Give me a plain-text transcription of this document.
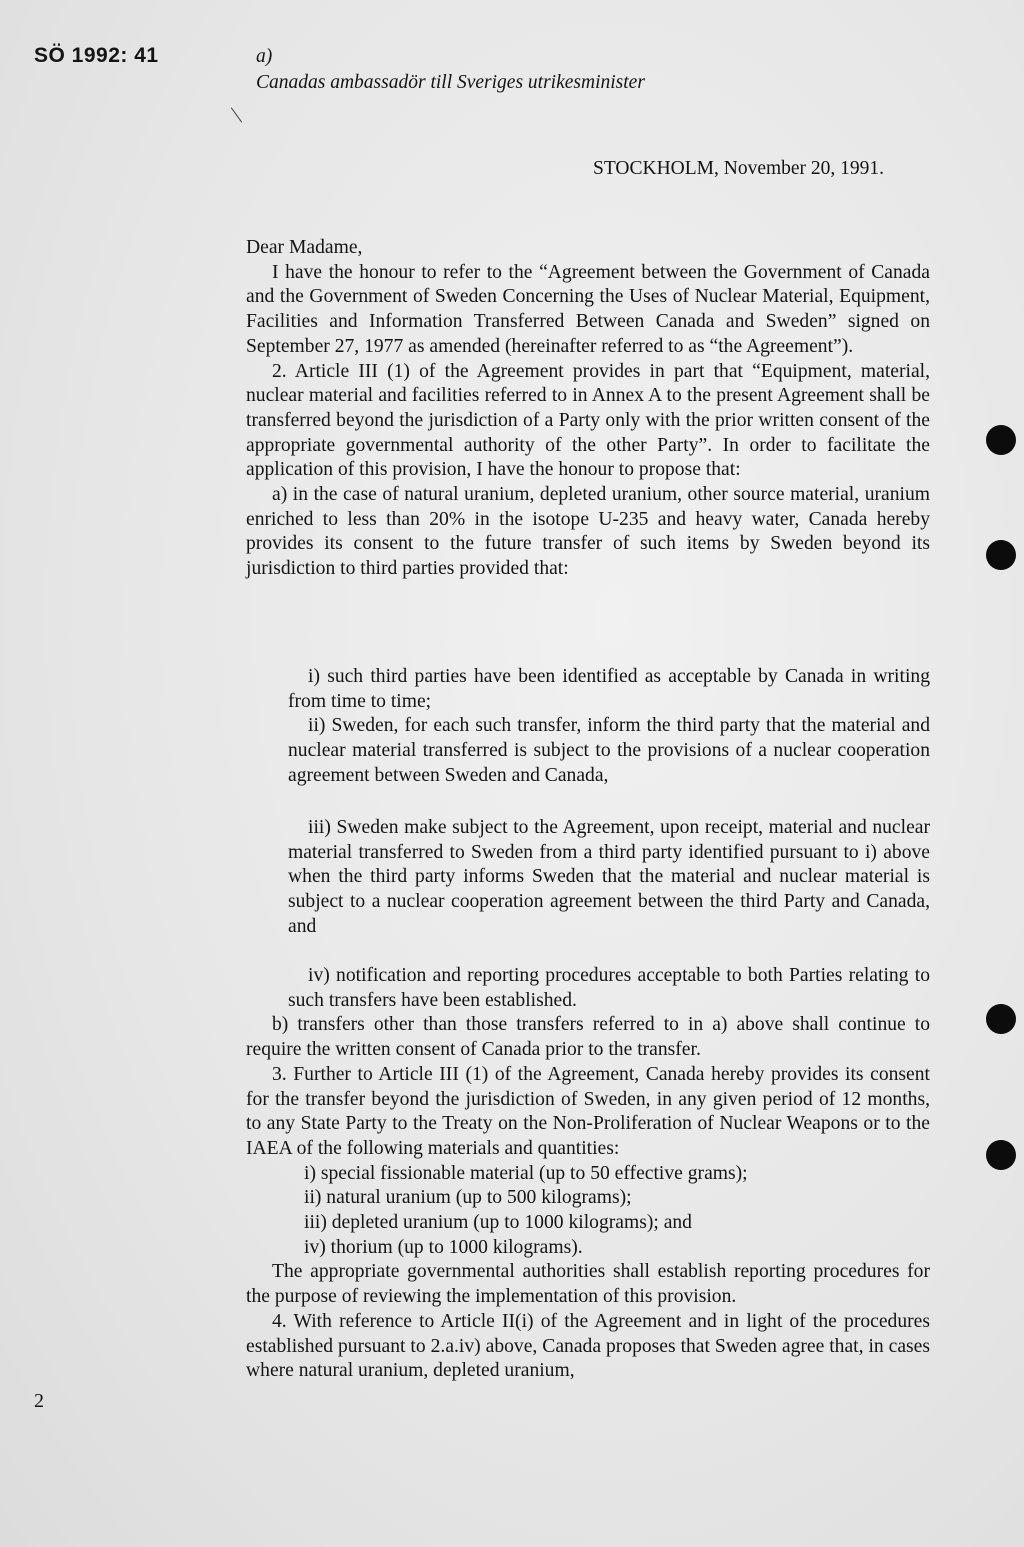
SÖ 1992: 41	a)
Canadas ambassadör till Sveriges utrikesminister
STOCKHOLM, November 20, 1991.

Dear Madame,

I have the honour to refer to the “Agreement between the Government of Canada and the Government of Sweden Concerning the Uses of Nuclear Material, Equipment, Facilities and Information Transferred Between Canada and Sweden” signed on September 27, 1977 as amended (hereinafter referred to as “the Agreement”).

2. Article III (1) of the Agreement provides in part that “Equipment, material, nuclear material and facilities referred to in Annex A to the present Agreement shall be transferred beyond the jurisdiction of a Party only with the prior written consent of the appropriate governmental authority of the other Party”. In order to facilitate the application of this provision, I have the honour to propose that:

a) in the case of natural uranium, depleted uranium, other source material, uranium enriched to less than 20% in the isotope U-235 and heavy water, Canada hereby provides its consent to the future transfer of such items by Sweden beyond its jurisdiction to third parties provided that:

i) such third parties have been identified as acceptable by Canada in writing from time to time;

ii) Sweden, for each such transfer, inform the third party that the material and nuclear material transferred is subject to the provisions of a nuclear cooperation agreement between Sweden and Canada,

iii) Sweden make subject to the Agreement, upon receipt, material and nuclear material transferred to Sweden from a third party identified pursuant to i) above when the third party informs Sweden that the material and nuclear material is subject to a nuclear cooperation agreement between the third Party and Canada, and

iv) notification and reporting procedures acceptable to both Parties relating to such transfers have been established.

b) transfers other than those transfers referred to in a) above shall continue to require the written consent of Canada prior to the transfer.

3. Further to Article III (1) of the Agreement, Canada hereby provides its consent for the transfer beyond the jurisdiction of Sweden, in any given period of 12 months, to any State Party to the Treaty on the Non-Proliferation of Nuclear Weapons or to the IAEA of the following materials and quantities:

i) special fissionable material (up to 50 effective grams);

ii) natural uranium (up to 500 kilograms);

iii) depleted uranium (up to 1000 kilograms); and

iv) thorium (up to 1000 kilograms).

The appropriate governmental authorities shall establish reporting procedures for the purpose of reviewing the implementation of this provision.

4. With reference to Article II(i) of the Agreement and in light of the procedures established pursuant to 2.a.iv) above, Canada proposes that Sweden agree that, in cases where natural uranium, depleted uranium,

2
